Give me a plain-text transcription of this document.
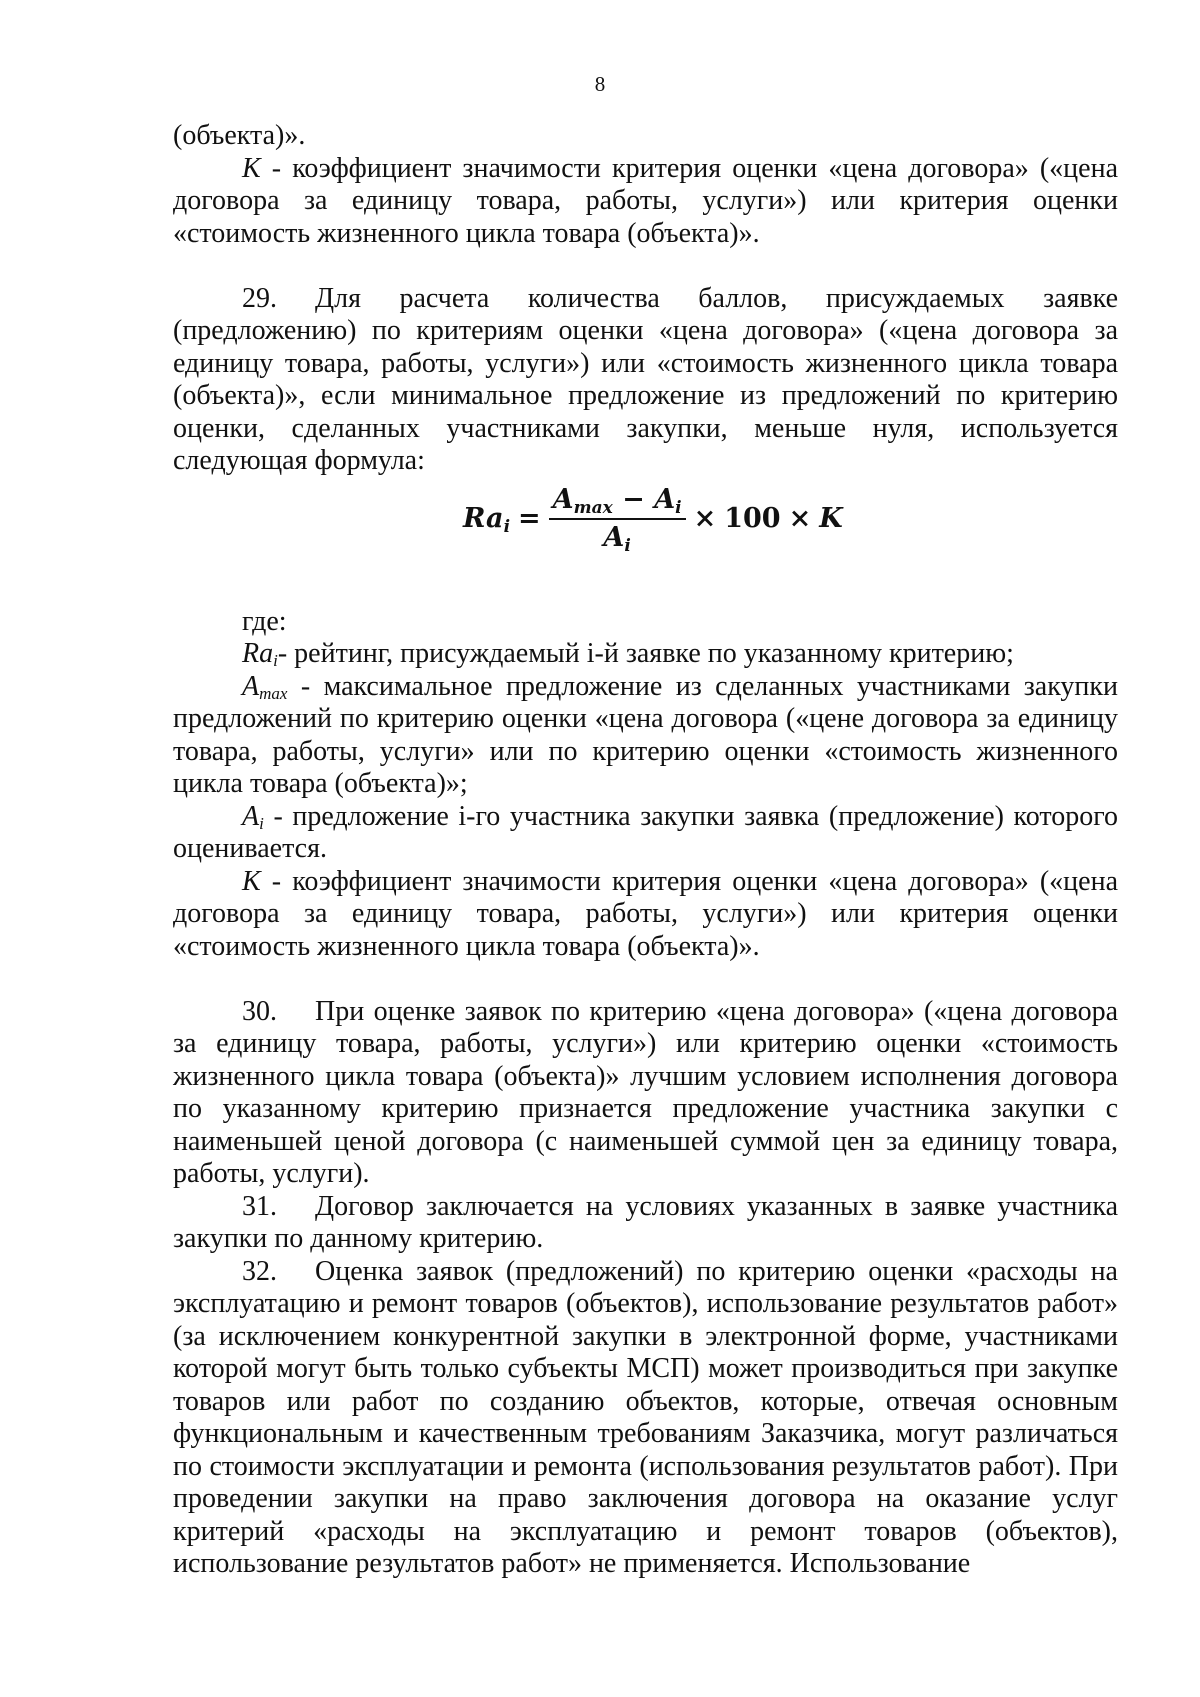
8

(объекта)».

K - коэффициент значимости критерия оценки «цена договора» («цена договора за единицу товара, работы, услуги») или критерия оценки «стоимость жизненного цикла товара (объекта)».

29. Для расчета количества баллов, присуждаемых заявке (предложению) по критериям оценки «цена договора» («цена договора за единицу товара, работы, услуги») или «стоимость жизненного цикла товара (объекта)», если минимальное предложение из предложений по критерию оценки, сделанных участниками закупки, меньше нуля, используется следующая формула:

$Ra_i = \frac{A_{max} - A_i}{A_i} \times 100 \times K$

где:

$Ra_i-$ рейтинг, присуждаемый i-й заявке по указанному критерию;

$A_{max}$ - максимальное предложение из сделанных участниками закупки предложений по критерию оценки «цена договора («цене договора за единицу товара, работы, услуги» или по критерию оценки «стоимость жизненного цикла товара (объекта)»;

$A_i$ - предложение i-го участника закупки заявка (предложение) которого оценивается.

K - коэффициент значимости критерия оценки «цена договора» («цена договора за единицу товара, работы, услуги») или критерия оценки «стоимость жизненного цикла товара (объекта)».

30. При оценке заявок по критерию «цена договора» («цена договора за единицу товара, работы, услуги») или критерию оценки «стоимость жизненного цикла товара (объекта)» лучшим условием исполнения договора по указанному критерию признается предложение участника закупки с наименьшей ценой договора (с наименьшей суммой цен за единицу товара, работы, услуги).

31. Договор заключается на условиях указанных в заявке участника закупки по данному критерию.

32. Оценка заявок (предложений) по критерию оценки «расходы на эксплуатацию и ремонт товаров (объектов), использование результатов работ» (за исключением конкурентной закупки в электронной форме, участниками которой могут быть только субъекты МСП) может производиться при закупке товаров или работ по созданию объектов, которые, отвечая основным функциональным и качественным требованиям Заказчика, могут различаться по стоимости эксплуатации и ремонта (использования результатов работ). При проведении закупки на право заключения договора на оказание услуг критерий «расходы на эксплуатацию и ремонт товаров (объектов), использование результатов работ» не применяется. Использование
